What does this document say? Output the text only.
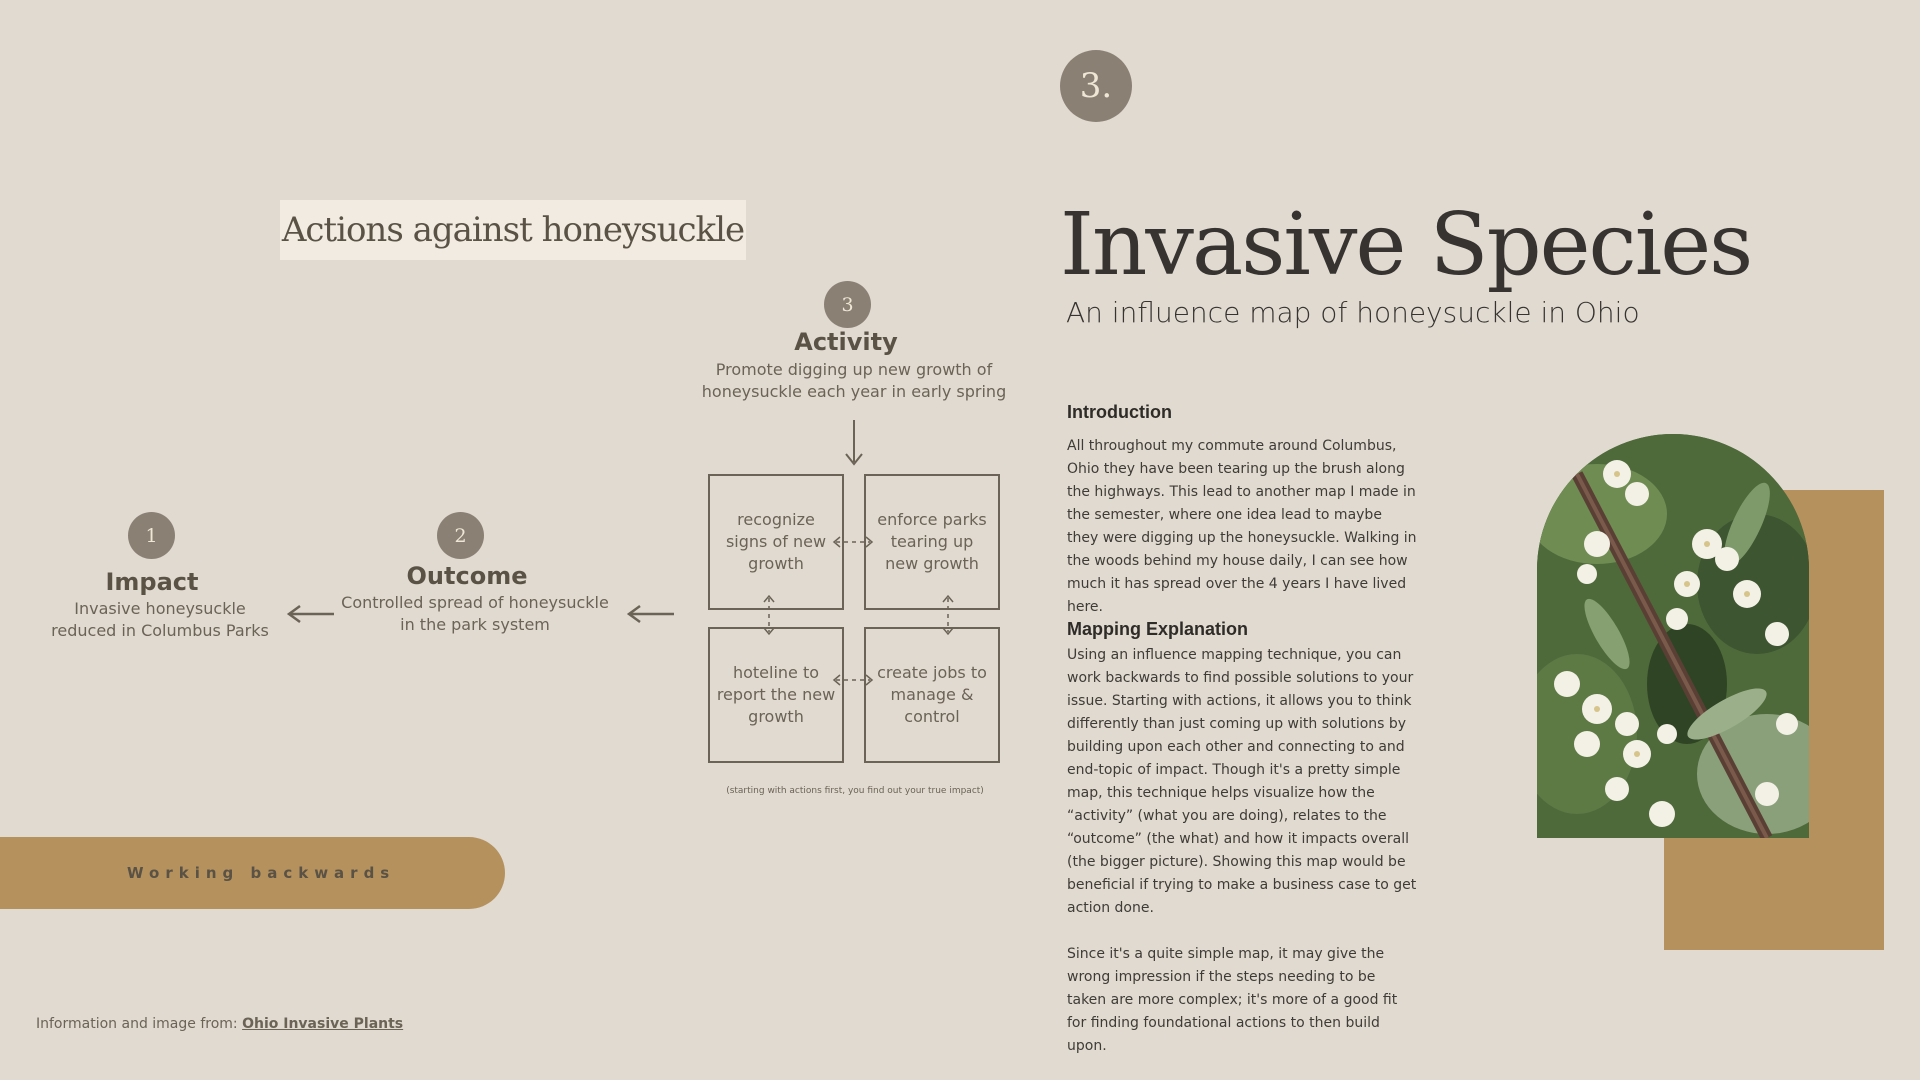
3.
Invasive Species
An influence map of honeysuckle in Ohio
Introduction

All throughout my commute around Columbus, Ohio they have been tearing up the brush along the highways. This lead to another map I made in the semester, where one idea lead to maybe they were digging up the honeysuckle. Walking in the woods behind my house daily, I can see how much it has spread over the 4 years I have lived here.

Mapping Explanation

Using an influence mapping technique, you can work backwards to find possible solutions to your issue. Starting with actions, it allows you to think differently than just coming up with solutions by building upon each other and connecting to and end-topic of impact. Though it's a pretty simple map, this technique helps visualize how the “activity” (what you are doing), relates to the “outcome” (the what) and how it impacts overall (the bigger picture). Showing this map would be beneficial if trying to make a business case to get action done.

Since it's a quite simple map, it may give the wrong impression if the steps needing to be taken are more complex; it's more of a good fit for finding foundational actions to then build upon.

Actions against honeysuckle
3
Activity
Promote digging up new growth of honeysuckle each year in early spring
recognize signs of new growth
enforce parks tearing up new growth
hoteline to report the new growth
create jobs to manage & control
2
Outcome
Controlled spread of honeysuckle in the park system
1
Impact
Invasive honeysuckle reduced in Columbus Parks
(starting with actions first, you find out your true impact)
Working backwards
Information and image from: Ohio Invasive Plants
